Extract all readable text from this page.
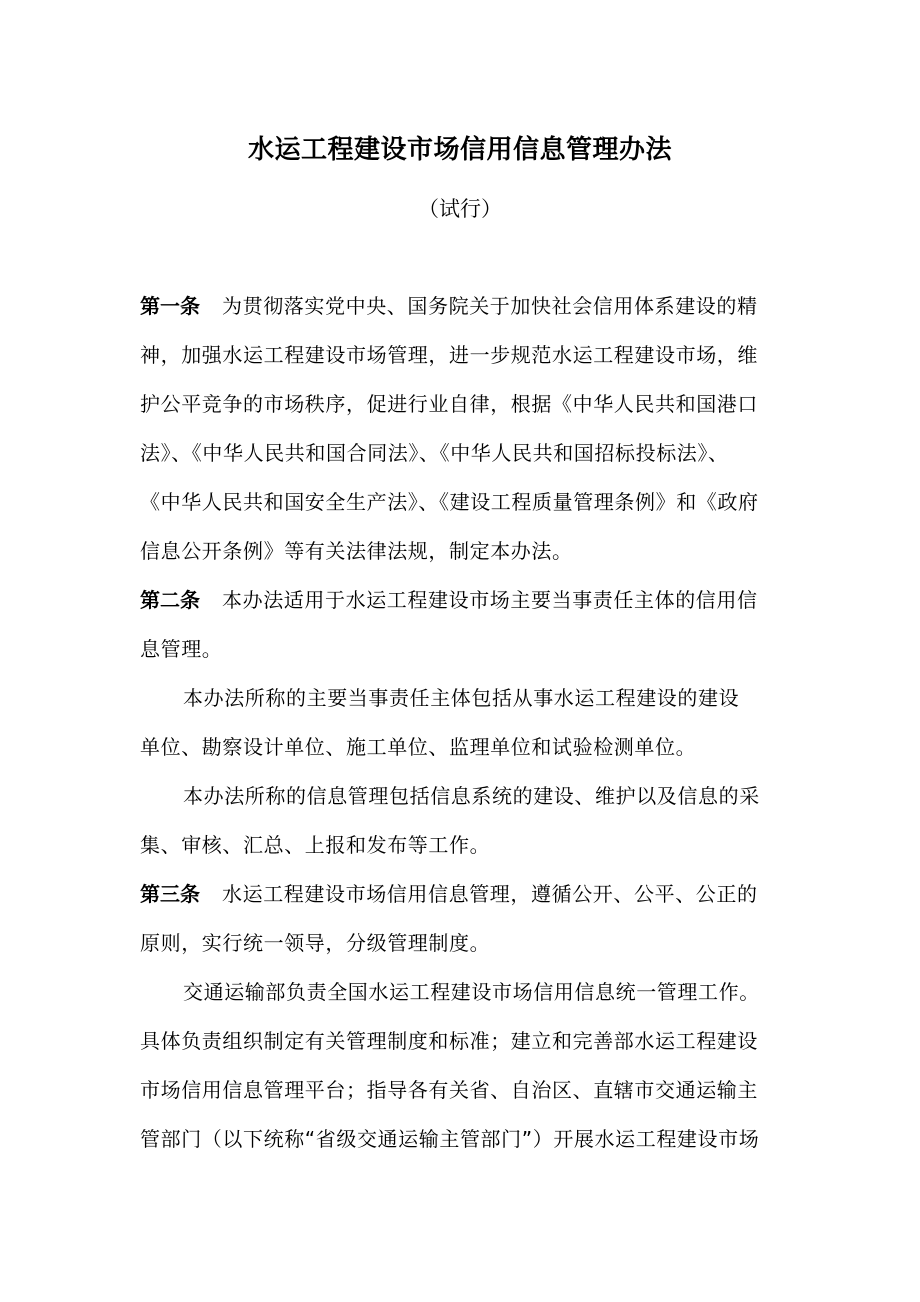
水运工程建设市场信用信息管理办法
（试行）
第一条 为贯彻落实党中央、国务院关于加快社会信用体系建设的精
神，加强水运工程建设市场管理，进一步规范水运工程建设市场，维
护公平竞争的市场秩序，促进行业自律，根据《中华人民共和国港口
法》、《中华人民共和国合同法》、《中华人民共和国招标投标法》、
《中华人民共和国安全生产法》、《建设工程质量管理条例》和《政府
信息公开条例》等有关法律法规，制定本办法。
第二条 本办法适用于水运工程建设市场主要当事责任主体的信用信
息管理。
本办法所称的主要当事责任主体包括从事水运工程建设的建设
单位、勘察设计单位、施工单位、监理单位和试验检测单位。
本办法所称的信息管理包括信息系统的建设、维护以及信息的采
集、审核、汇总、上报和发布等工作。
第三条 水运工程建设市场信用信息管理，遵循公开、公平、公正的
原则，实行统一领导，分级管理制度。
交通运输部负责全国水运工程建设市场信用信息统一管理工作。
具体负责组织制定有关管理制度和标准；建立和完善部水运工程建设
市场信用信息管理平台；指导各有关省、自治区、直辖市交通运输主
管部门（以下统称“省级交通运输主管部门”）开展水运工程建设市场
